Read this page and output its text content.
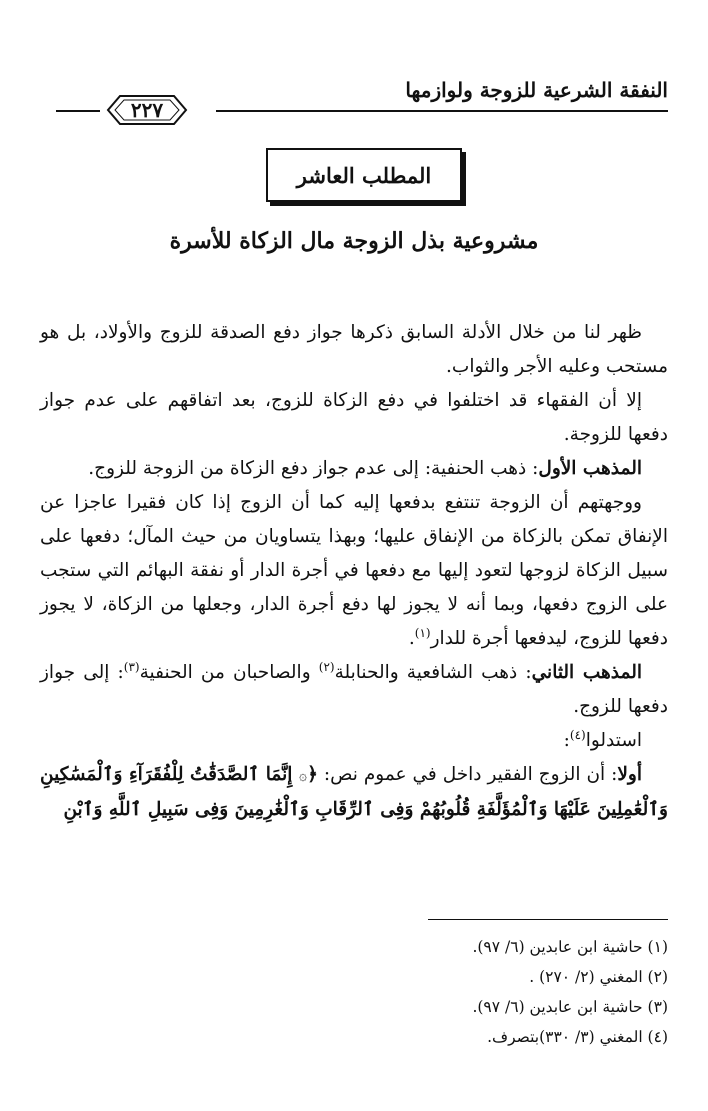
النفقة الشرعية للزوجة ولوازمها
٢٢٧
المطلب العاشر
مشروعية بذل الزوجة مال الزكاة للأسرة

ظهر لنا من خلال الأدلة السابق ذكرها جواز دفع الصدقة للزوج والأولاد، بل هو مستحب وعليه الأجر والثواب.

إلا أن الفقهاء قد اختلفوا في دفع الزكاة للزوج، بعد اتفاقهم على عدم جواز دفعها للزوجة.

المذهب الأول: ذهب الحنفية: إلى عدم جواز دفع الزكاة من الزوجة للزوج.

ووجهتهم أن الزوجة تنتفع بدفعها إليه كما أن الزوج إذا كان فقيرا عاجزا عن الإنفاق تمكن بالزكاة من الإنفاق عليها؛ وبهذا يتساويان من حيث المآل؛ دفعها على سبيل الزكاة لزوجها لتعود إليها مع دفعها في أجرة الدار أو نفقة البهائم التي ستجب على الزوج دفعها، وبما أنه لا يجوز لها دفع أجرة الدار، وجعلها من الزكاة، لا يجوز دفعها للزوج، ليدفعها أجرة للدار$^{(١)}$.

المذهب الثاني: ذهب الشافعية والحنابلة$^{(٢)}$ والصاحبان من الحنفية$^{(٣)}$: إلى جواز دفعها للزوج.

استدلوا$^{(٤)}$:

أولا: أن الزوج الفقير داخل في عموم نص: ﴿۞ إِنَّمَا ٱلصَّدَقَٰتُ لِلْفُقَرَآءِ وَٱلْمَسَٰكِينِ وَٱلْعَٰمِلِينَ عَلَيْهَا وَٱلْمُؤَلَّفَةِ قُلُوبُهُمْ وَفِى ٱلرِّقَابِ وَٱلْغَٰرِمِينَ وَفِى سَبِيلِ ٱللَّهِ وَٱبْنِ

(١) حاشية ابن عابدين (٦/ ٩٧).
(٢) المغني (٢/ ٢٧٠) .
(٣) حاشية ابن عابدين (٦/ ٩٧).
(٤) المغني (٣/ ٣٣٠)بتصرف.
